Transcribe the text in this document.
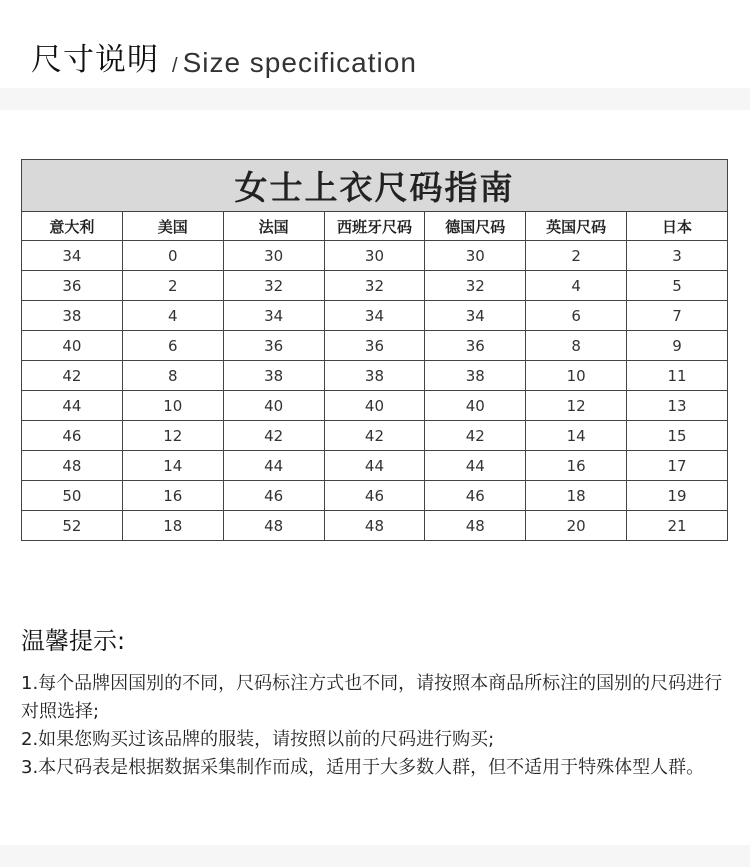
尺寸说明 / Size specification
女士上衣尺码指南						
意大利	美国	法国	西班牙尺码	德国尺码	英国尺码	日本
34	0	30	30	30	2	3
36	2	32	32	32	4	5
38	4	34	34	34	6	7
40	6	36	36	36	8	9
42	8	38	38	38	10	11
44	10	40	40	40	12	13
46	12	42	42	42	14	15
48	14	44	44	44	16	17
50	16	46	46	46	18	19
52	18	48	48	48	20	21
温馨提示:

1.每个品牌因国别的不同，尺码标注方式也不同，请按照本商品所标注的国别的尺码进行对照选择;

2.如果您购买过该品牌的服装，请按照以前的尺码进行购买;

3.本尺码表是根据数据采集制作而成，适用于大多数人群，但不适用于特殊体型人群。
